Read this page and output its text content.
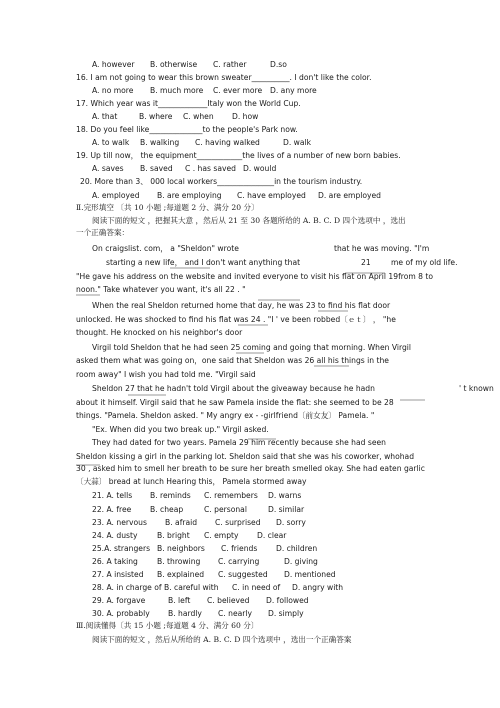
A. however B. otherwise C. rather	D.so
16. I am not going to wear this brown sweater__________. I don't like the color.
A. no more B. much more C. ever more D. any more
17. Which year was it_____________Italy won the World Cup.
A. that	B. where C. when D. how
18. Do you feel like______________to the people's Park now.
A. to walk B. walking C. having walked	D. walk
19. Up till now， the equipment____________the lives of a number of new born babies.
A. saves B. saved C . has saved D. would
20. More than 3、 000 local workers_______________in the tourism industry.
A. employed B. are employing C. have employed D. are employed
Ⅱ.完形填空 〔共 10 小题 ;每道题 2 分、满分 20 分〕
阅读下面的短文 ，把握其大意 ，然后从 21 至 30 各题所给的 A. B. C. D 四个选项中 ，选出
一个正确答案：
On craigslist. com， a "Sheldon" wrote	that he was moving. "I'm
starting a new life， and I don't want anything that	21	me of my old life.
"He gave his address on the website and invited everyone to visit his flat on April 19from 8 to
noon." Take whatever you want, it's all 22 . "
When the real Sheldon returned home that day, he was 23 to find his flat door
unlocked. He was shocked to find his flat was 24 . "I ' ve been robbed〔ｅｔ〕 ， "he
thought. He knocked on his neighbor's door
Virgil told Sheldon that he had seen 25 coming and going that morning. When Virgil
asked them what was going on，one said that Sheldon was 26 all his things in the
room away" I wish you had told me. "Virgil said
Sheldon 27 that he hadn't told Virgil about the giveaway because he hadn	' t known
about it himself. Virgil said that he saw Pamela inside the flat: she seemed to be 28
things. "Pamela. Sheldon asked. " My angry ex - -girlfriend〔前女友〕 Pamela. "
"Ex. When did you two break up." Virgil asked.
They had dated for two years. Pamela 29 him recently because she had seen
Sheldon kissing a girl in the parking lot. Sheldon said that she was his coworker, whohad
30 , asked him to smell her breath to be sure her breath smelled okay. She had eaten garlic
〔大蒜〕 bread at lunch Hearing this， Pamela stormed away
21. A. tells B. reminds C. remembers D. warns
22. A. free B. cheap	C. personal	D. similar
23. A. nervous B. afraid C. surprised D. sorry
24. A. dusty	B. bright C. empty D. clear
25.A. strangers B. neighbors C. friends D. children
26. A taking	B. throwing C. carrying	D. giving
27. A insisted B. explained C. suggested D. mentioned
28. A. in charge of B. careful with C. in need of D. angry with
29. A. forgave	B. left C. believed D. followed
30. A. probably B. hardly C. nearly D. simply
Ⅲ.阅读懂得〔共 15 小题 ;每道题 4 分、满分 60 分〕
阅读下面的短文 ，然后从所给的 A. B. C. D 四个选项中 ，选出一个正确答案
